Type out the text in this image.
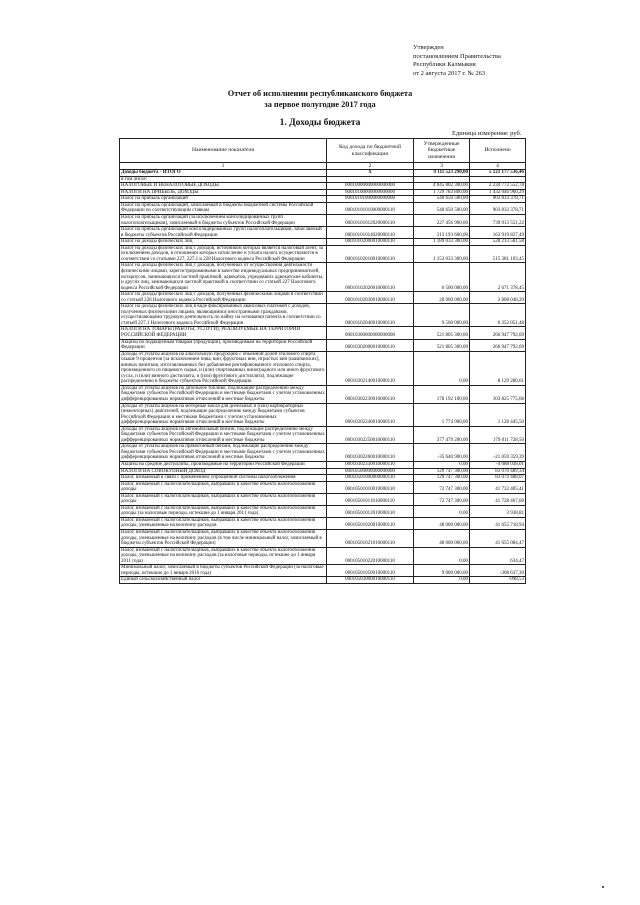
Утвержден
постановлением Правительства
Республики Калмыкия
от 2 августа 2017 г. № 263
Отчет об исполнении республиканского бюджета
за первое полугодие 2017 года
1. Доходы бюджета
Единица измерения: руб.
Наименование показателя	Код дохода по бюджетной классификации	Утвержденные бюджетные назначения	Исполнено
1	2	3	4
Доходы бюджета - ИТОГО	X	9 111 523 290,00	5 121 177 536,46
в том числе:			
НАЛОГОВЫЕ И НЕНАЛОГОВЫЕ ДОХОДЫ	00010000000000000000	4 045 802 300,00	2 234 772 552,78
НАЛОГИ НА ПРИБЫЛЬ, ДОХОДЫ	00010100000000000000	1 729 783 800,00	1 432 046 960,29
Налог на прибыль организаций	00010101000000000000	540 650 500,00	903 833 378,71
Налог на прибыль организаций, зачисляемый в бюджеты бюджетной системы Российской Федерации по соответствующим ставкам	00010101010000000110	540 650 500,00	903 833 378,71
Налог на прибыль организаций (за исключением консолидированных групп налогоплательщиков), зачисляемый в бюджеты субъектов Российской Федерации	00010101012020000110	227 456 900,00	739 913 551,22
Налог на прибыль организаций консолидированных групп налогоплательщиков, зачисляемый в бюджеты субъектов Российской Федерации	00010101014020000110	313 193 600,00	163 919 827,49
Налог на доходы физических лиц	00010102000010000110	1 189 033 300,00	528 213 581,58
Налог на доходы физических лиц с доходов, источником которых является налоговый агент, за исключением доходов, в отношении которых исчисление и уплата налога осуществляются в соответствии со статьями 227, 227.1 и 228 Налогового кодекса Российской Федерации	00010102010010000110	1 153 033 300,00	515 381 103,45
Налог на доходы физических лиц с доходов, полученных от осуществления деятельности физическими лицами, зарегистрированными в качестве индивидуальных предпринимателей, нотариусов, занимающихся частной практикой, адвокатов, учредивших адвокатские кабинеты, и других лиц, занимающихся частной практикой в соответствии со статьей 227 Налогового кодекса Российской Федерации	00010102020010000110	6 500 000,00	2 671 378,45
Налог на доходы физических лиц с доходов, полученных физическими лицами в соответствии со статьей 228 Налогового кодекса Российской Федерации	00010102030010000110	20 000 000,00	3 808 048,20
Налог на доходы физических лиц в виде фиксированных авансовых платежей с доходов, полученных физическими лицами, являющимися иностранными гражданами, осуществляющими трудовую деятельность по найму на основании патента в соответствии со статьей 227.1 Налогового кодекса Российской Федерации	00010102040010000110	9 500 000,00	6 352 051,48
НАЛОГИ НА ТОВАРЫ (РАБОТЫ, УСЛУГИ), РЕАЛИЗУЕМЫЕ НА ТЕРРИТОРИИ РОССИЙСКОЙ ФЕДЕРАЦИИ	00010300000000000000	521 805 300,00	266 947 792,69
Акцизы по подакцизным товарам (продукции), производимым на территории Российской Федерации	00010302000010000110	521 805 300,00	266 947 792,69
Доходы от уплаты акцизов на алкогольную продукцию с объемной долей этилового спирта свыше 9 процентов (за исключением пива, вин, фруктовых вин, игристых вин (шампанских), винных напитков, изготавливаемых без добавления ректификованного этилового спирта, произведенного из пищевого сырья, и (или) спиртованных виноградного или иного фруктового сусла, и (или) винного дистиллята, и (или) фруктового дистиллята), подлежащие распределению в бюджеты субъектов Российской Федерации	00010302140010000110	0,00	8 129 280,61
Доходы от уплаты акцизов на дизельное топливо, подлежащие распределению между бюджетами субъектов Российской Федерации и местными бюджетами с учетом установленных дифференцированных нормативов отчислений в местные бюджеты	00010302230010000110	178 192 100,00	103 825 775,68
Доходы от уплаты акцизов на моторные масла для дизельных и (или) карбюраторных (инжекторных) двигателей, подлежащие распределению между бюджетами субъектов Российской Федерации и местными бюджетами с учетом установленных дифференцированных нормативов отчислений в местные бюджеты	00010302240010000110	1 774 900,00	1 128 445,50
Доходы от уплаты акцизов на автомобильный бензин, подлежащие распределению между бюджетами субъектов Российской Федерации и местными бюджетами с учетом установленных дифференцированных нормативов отчислений в местные бюджеты	00010302250010000110	377 479 200,00	179 011 728,50
Доходы от уплаты акцизов на прямогонный бензин, подлежащие распределению между бюджетами субъектов Российской Федерации и местными бюджетами с учетом установленных дифференцированных нормативов отчислений в местные бюджеты	00010302260010000110	-35 640 900,00	-21 059 359,39
Акцизы на средние дистилляты, производимые на территории Российской Федерации	00010302330010000110	0,00	-4 088 038,01
НАЛОГИ НА СОВОКУПНЫЙ ДОХОД	00010500000000000000	129 747 300,00	83 070 489,34
Налог, взимаемый в связи с применением упрощенной системы налогообложения	00010501000000000110	129 747 300,00	83 079 488,07
Налог, взимаемый с налогоплательщиков, выбравших в качестве объекта налогообложения доходы	00010501010010000110	72 747 300,00	41 732 405,41
Налог, взимаемый с налогоплательщиков, выбравших в качестве объекта налогообложения доходы	00010501011010000110	72 747 300,00	41 728 467,60
Налог, взимаемый с налогоплательщиков, выбравших в качестве объекта налогообложения доходы (за налоговые периоды, истекшие до 1 января 2011 года)	00010501012010000110	0,00	3 938,81
Налог, взимаемый с налогоплательщиков, выбравших в качестве объекта налогообложения доходы, уменьшенные на величину расходов	00010501020010000110	48 000 000,00	41 655 718,94
Налог, взимаемый с налогоплательщиков, выбравших в качестве объекта налогообложения доходы, уменьшенные на величину расходов (в том числе минимальный налог, зачисляемый в бюджеты субъектов Российской Федерации)	00010501021010000110	48 000 000,00	41 655 084,47
Налог, взимаемый с налогоплательщиков, выбравших в качестве объекта налогообложения доходы, уменьшенные на величину расходов (за налоговые периоды, истекшие до 1 января 2011 года)	00010501022010000110	0,00	634,47
Минимальный налог, зачисляемый в бюджеты субъектов Российской Федерации (за налоговые периоды, истекшие до 1 января 2016 года)	00010501050010000110	9 000 000,00	-308 637,30
Единый сельскохозяйственный налог	00010503000010000110	0,00	-998,53
